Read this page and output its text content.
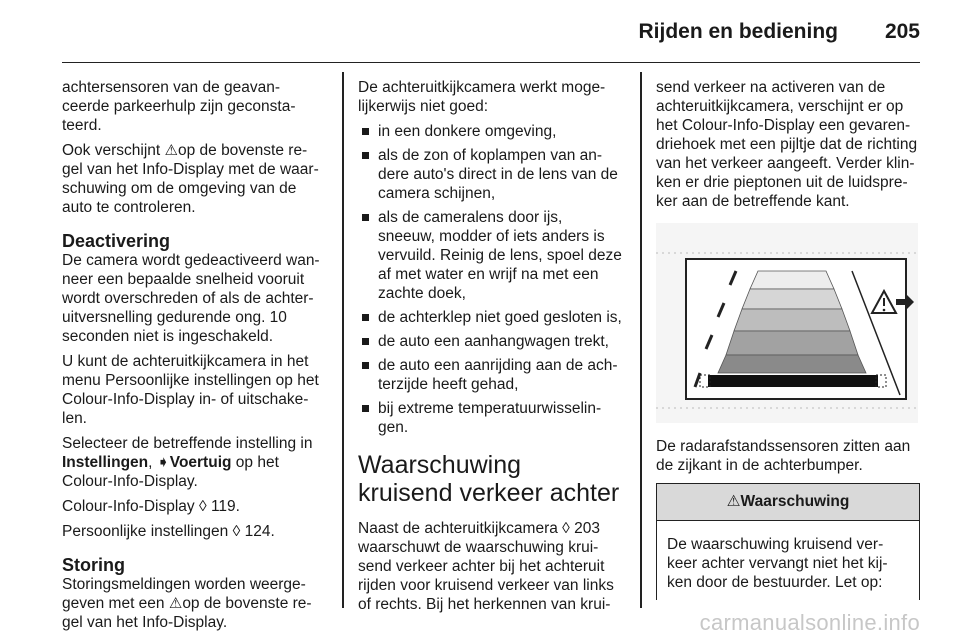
Rijden en bediening 205

achtersensoren van de geavan-ceerde parkeerhulp zijn geconsta-teerd.

Ook verschijnt ⚠op de bovenste re-gel van het Info-Display met de waar-schuwing om de omgeving van de auto te controleren.

Deactivering

De camera wordt gedeactiveerd wan-neer een bepaalde snelheid vooruit wordt overschreden of als de achter-uitversnelling gedurende ong. 10 seconden niet is ingeschakeld.

U kunt de achteruitkijkcamera in het menu Persoonlijke instellingen op het Colour-Info-Display in- of uitschake-len.

Selecteer de betreffende instelling in Instellingen, ➧Voertuig op het Colour-Info-Display.

Colour-Info-Display ◊ 119.

Persoonlijke instellingen ◊ 124.

Storing

Storingsmeldingen worden weerge-geven met een ⚠op de bovenste re-gel van het Info-Display.

De achteruitkijkcamera werkt moge-lijkerwijs niet goed:

in een donkere omgeving,
als de zon of koplampen van an-dere auto's direct in de lens van de camera schijnen,
als de cameralens door ijs, sneeuw, modder of iets anders is vervuild. Reinig de lens, spoel deze af met water en wrijf na met een zachte doek,
de achterklep niet goed gesloten is,
de auto een aanhangwagen trekt,
de auto een aanrijding aan de ach-terzijde heeft gehad,
bij extreme temperatuurwisselin-gen.
Waarschuwing kruisend verkeer achter

Naast de achteruitkijkcamera ◊ 203 waarschuwt de waarschuwing krui-send verkeer achter bij het achteruit rijden voor kruisend verkeer van links of rechts. Bij het herkennen van krui-

send verkeer na activeren van de achteruitkijkcamera, verschijnt er op het Colour-Info-Display een gevaren-driehoek met een pijltje dat de richting van het verkeer aangeeft. Verder klin-ken er drie pieptonen uit de luidspre-ker aan de betreffende kant.

De radarafstandssensoren zitten aan de zijkant in de achterbumper.

⚠Waarschuwing
De waarschuwing kruisend ver-keer achter vervangt niet het kij-ken door de bestuurder. Let op:
carmanualsonline.info
